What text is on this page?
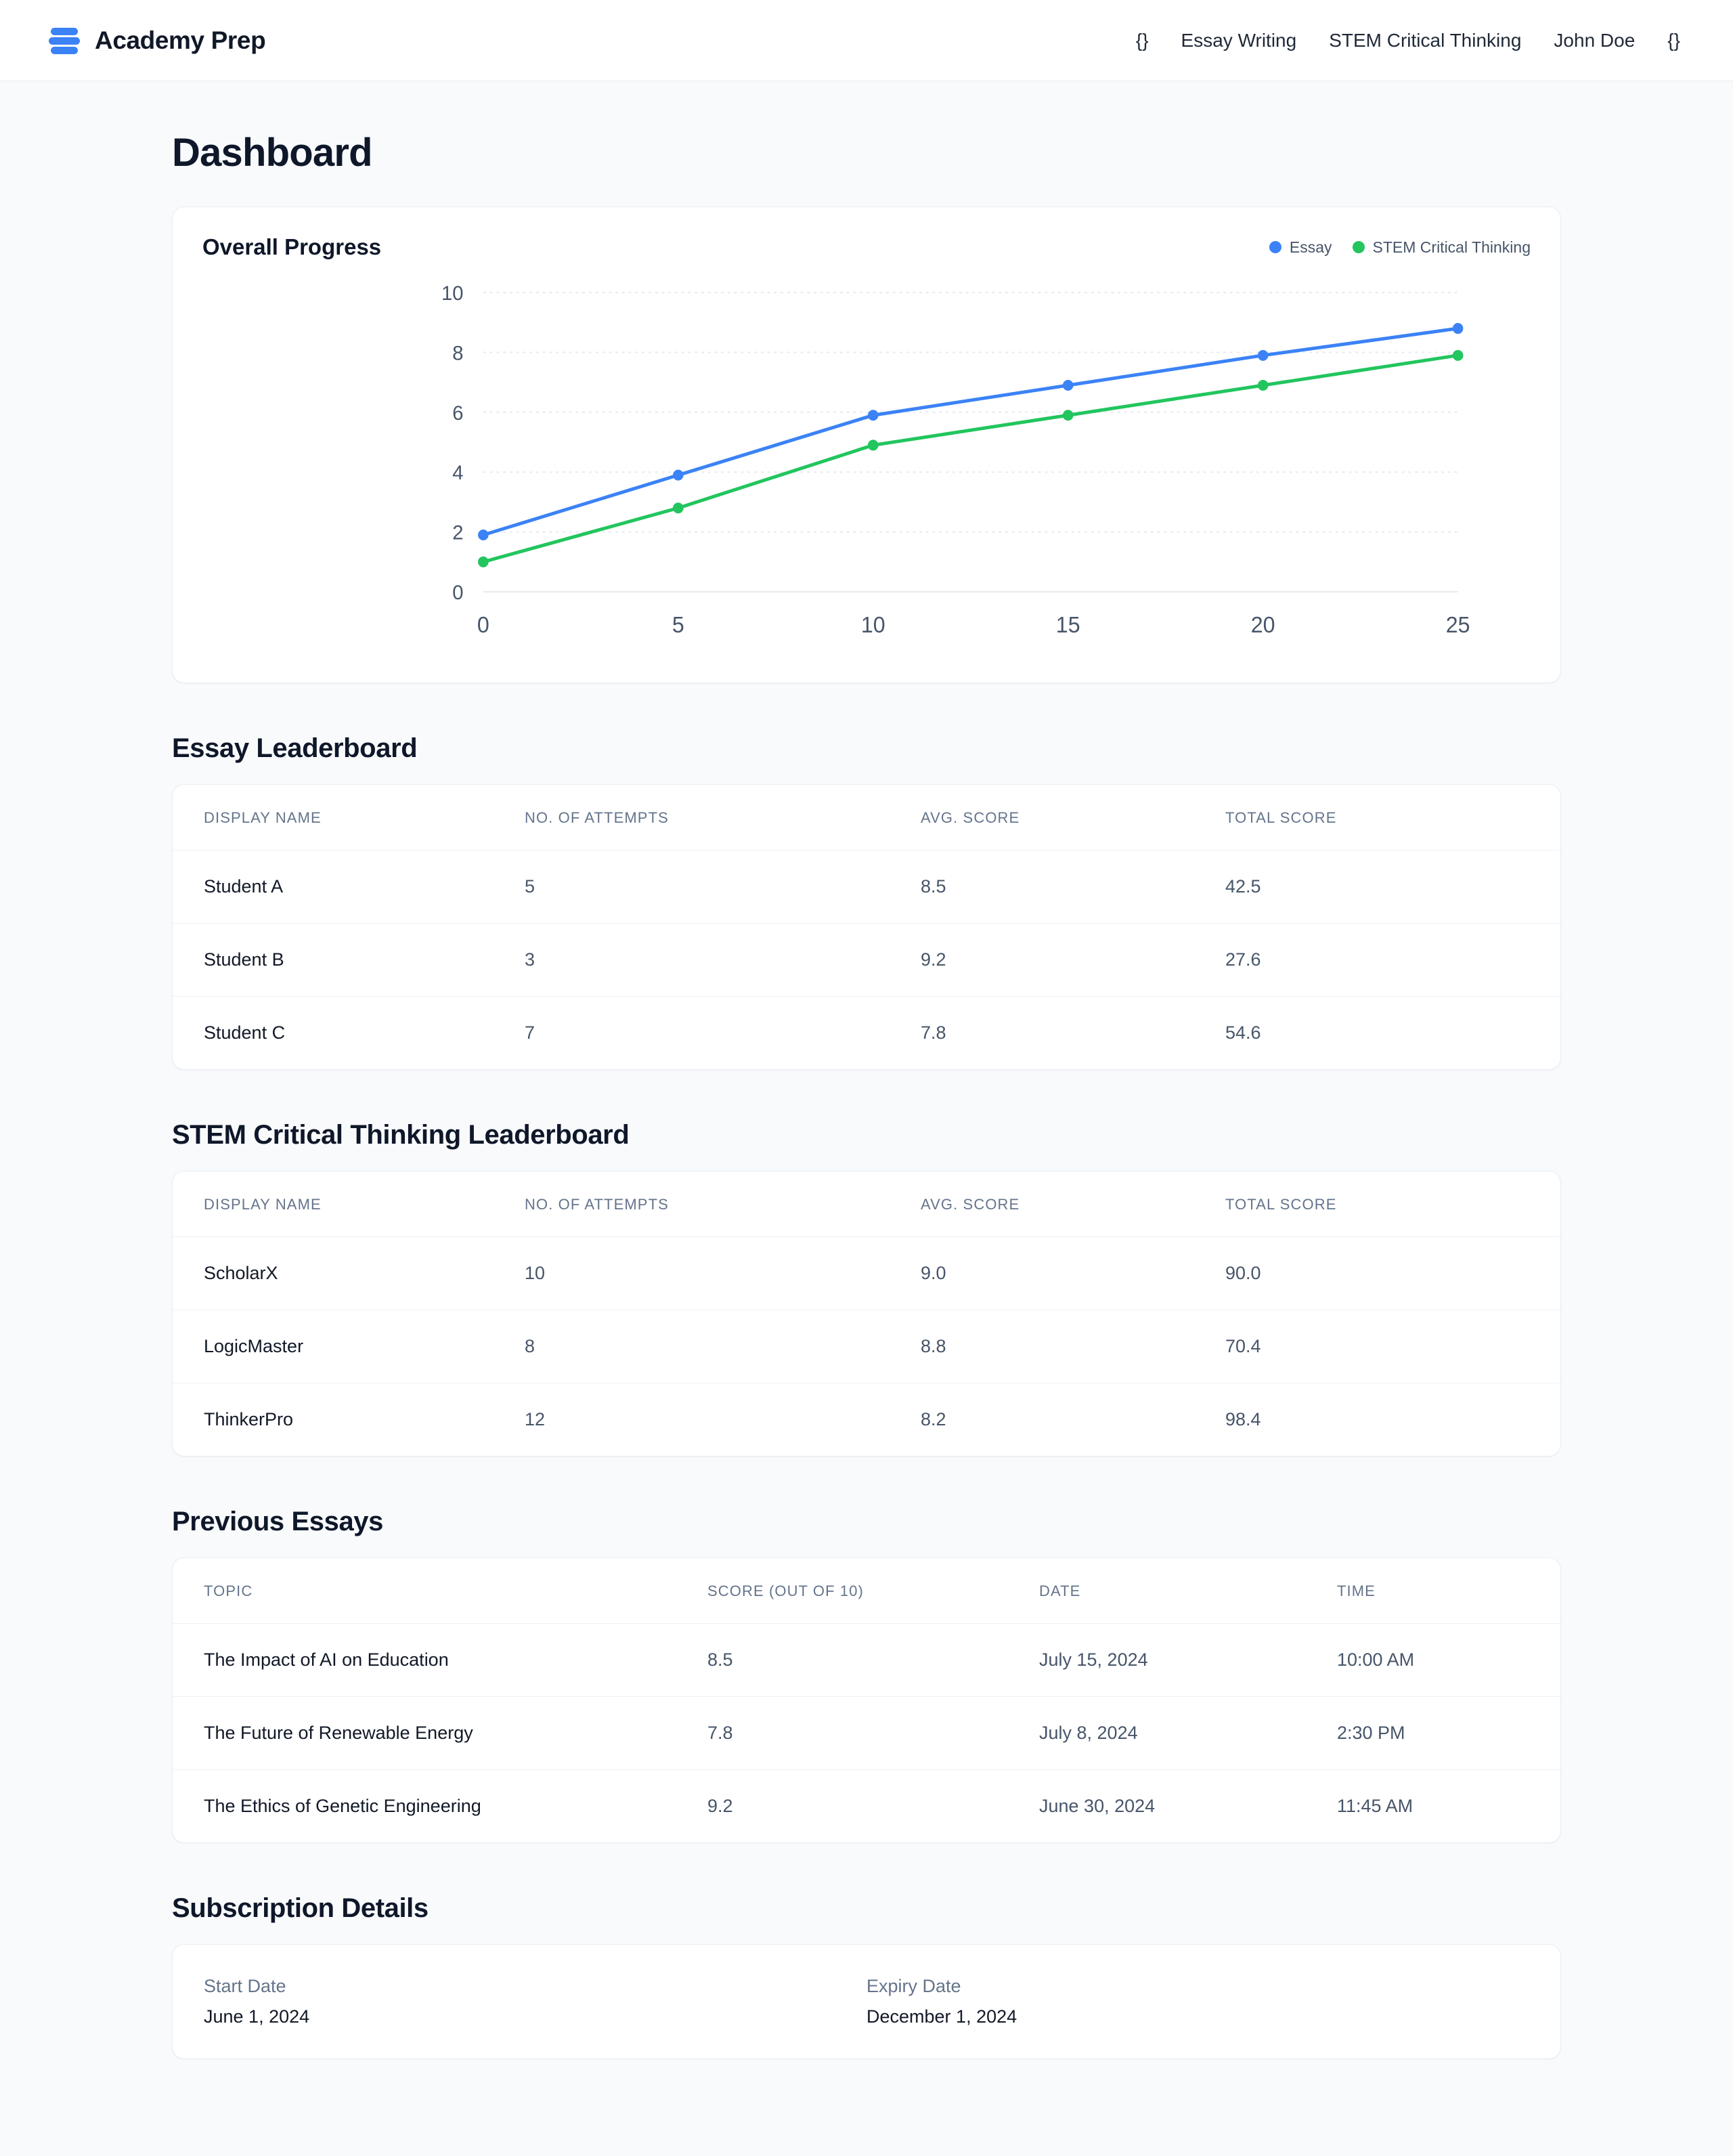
Academy Prep	{} Essay Writing STEM Critical Thinking John Doe {}
Dashboard
Overall Progress	Essay	STEM Critical Thinking
0
2
4
6
8
10
0	5	10	15	20	25
Essay Leaderboard
DISPLAY NAME	NO. OF ATTEMPTS	AVG. SCORE	TOTAL SCORE
Student A	5	8.5	42.5
Student B	3	9.2	27.6
Student C	7	7.8	54.6
STEM Critical Thinking Leaderboard
DISPLAY NAME	NO. OF ATTEMPTS	AVG. SCORE	TOTAL SCORE
ScholarX	10	9.0	90.0
LogicMaster	8	8.8	70.4
ThinkerPro	12	8.2	98.4
Previous Essays
TOPIC	SCORE (OUT OF 10)	DATE	TIME
The Impact of AI on Education	8.5	July 15, 2024	10:00 AM
The Future of Renewable Energy	7.8	July 8, 2024	2:30 PM
The Ethics of Genetic Engineering	9.2	June 30, 2024	11:45 AM
Subscription Details
Start Date
June 1, 2024
Expiry Date
December 1, 2024
